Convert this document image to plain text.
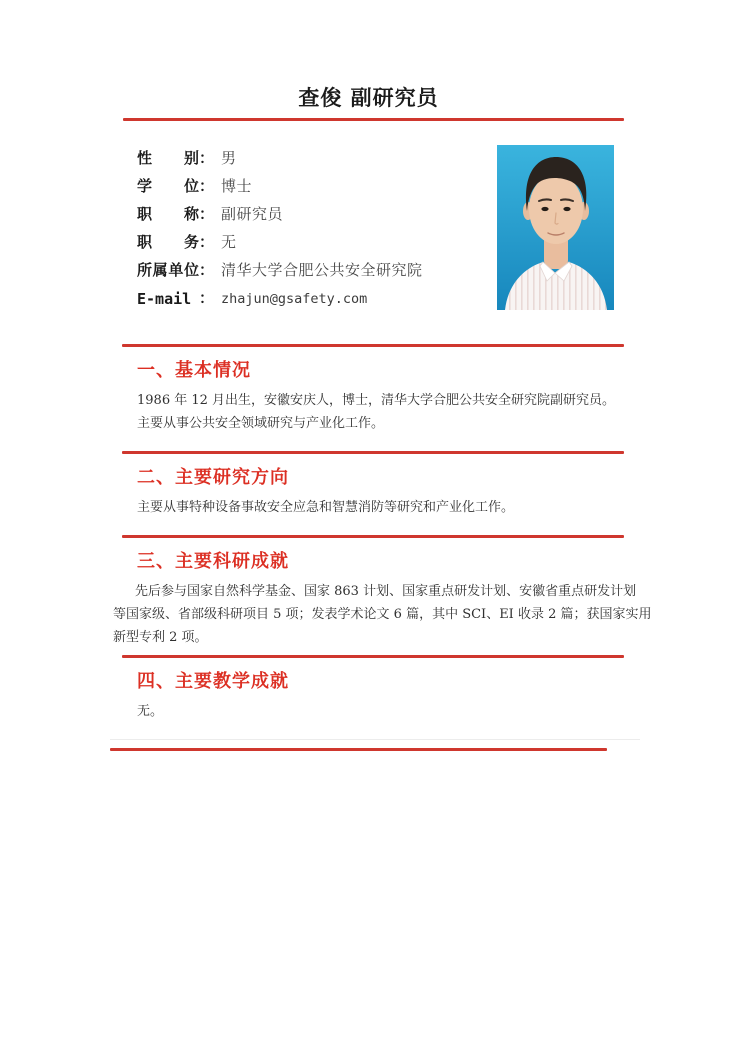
查俊 副研究员
性别： 男
学位： 博士
职称： 副研究员
职务： 无
所属单位： 清华大学合肥公共安全研究院
E-mail ： zhajun@gsafety.com
一、基本情况
1986 年 12 月出生，安徽安庆人，博士，清华大学合肥公共安全研究院副研究员。
主要从事公共安全领域研究与产业化工作。
二、主要研究方向
主要从事特种设备事故安全应急和智慧消防等研究和产业化工作。
三、主要科研成就
先后参与国家自然科学基金、国家 863 计划、国家重点研发计划、安徽省重点研发计划
等国家级、省部级科研项目 5 项；发表学术论文 6 篇，其中 SCI、EI 收录 2 篇；获国家实用
新型专利 2 项。
四、主要教学成就
无。
